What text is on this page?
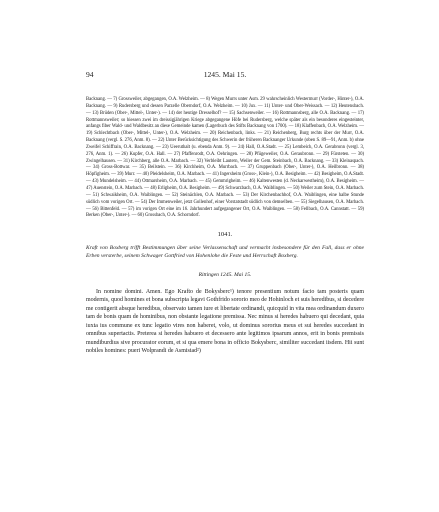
94	1245. Mai 15.

Backnang. — 7) Grossweiler, abgegangen, O.A. Welzheim. — 8) Wegen Murrs unter Asm. 29 wahrscheinlich Westermurr (Vorder-, Hinter-), O.A. Backnang. — 9) Rudersberg und dessen Parzelle Oberndorf, O.A. Welzheim. — 10) Jux. — 11) Unter- und Ober-Weissach. — 12) Heutensbach. — 13) Brüden (Ober-, Mittel-, Unter-). — 14) der heutige Dresselhof? — 15) Sachsenweiler. — 16) Rottmannsberg, alle O.A. Backnang. — 17) Rottmannsweiler; so hiessen zwei im dreissigjährigen Kriege abgegangene Höfe bei Rudersberg, welche später als ein besonderes eingesteinter, anfangs fiber Wald- und Waldbesitz an diese Gemeinde kamen (Lagerbuch des Stifts Backnang von 1700). — 18) Klaffenbach, O.A. Welzheim. — 19) Schlechtbach (Ober-, Mittel-, Unter-), O.A. Welzheim. — 20) Reichenbach, links. — 21) Reichenberg, Burg rechts über der Murr, O.A. Backnang (vergl. S. 276, Anm. 8). — 22) Unter Berücksichtigung des Schwerin der früheren Backnanger Urkunde (oben S. 89—91, Anm. b) ohne Zweifel Schiffrain, O.A. Backnang. — 23) Ueeruthalt (u. ebenda Anm. 9). — 24) Hall, O.A.Stadt. — 25) Lembeich, O.A. Gerabronn (vergl. 3, 276, Anm. 1). — 26) Kupfer, O.A. Hall. — 27) Pfaffenrodt, O.A. Oehringen. — 28) Pfügeweiler, O.A. Geraubronn. — 29) Fürsteten. — 30) Zwingelhausen. — 31) Kirchberg, alle O.A. Marbach. — 32) Verbleibt Lautern, Weiler der Gem. Steinbach, O.A. Backnang. — 33) Kleinaspach. — 34) Gross-Bottwar. — 35) Beilstein. — 36) Kirchheim, O.A. Murrbach. — 37) Gruppenbach (Ober-, Unter-), O.A. Heilbronn. — 38) Höpfigheim. — 39) Murr. — 40) Pleidelsheim, O.A. Marbach. — 41) Ingersheim (Gross-, Klein-), O.A. Besigheim. — 42) Besigheim, O.A.Stadt. — 43) Mundelsheim. — 44) Ottmarsheim, O.A. Marbach. — 45) Gemmrigheim. — 46) Kaltenwesten (d. Neckarwestheim), O.A. Besigheim. — 47) Auenstein, O.A. Marbach. — 48) Erligheim, O.A. Besigheim. — 49) Schwarzbach, O.A. Waiblingen. — 50) Weiler zum Stein, O.A. Marbach. — 51) Schwaikheim, O.A. Waiblingen. — 52) Steinächlen, O.A. Marbach. — 53) Der Kirchenbachhof, O.A. Waiblingen, eine halbe Stunde südlich vom vorigen Ort. — 54) Der Immenweiler, jetzt Gollenhof, einer Vorstatstadt südlich von demselben. — 55) Siegelhausen, O.A. Marbach. — 56) Bittenfeld. — 57) im vorigen Ort eine im 16. Jahrhundert aufgegangener Ort, O.A. Waiblingen. — 58) Fellbach, O.A. Cannstatt. — 59) Berken (Ober-, Unter-). — 60) Grossbach, O.A. Schorndorf.

1041.

Kraft von Boxberg trifft Bestimmungen über seine Verlassenschaft und vermacht insbesondere für den Fall, dass er ohne Erben versterbe, seinem Schwager Gottfried von Hohenlohe die Feste und Herrschaft Boxberg.

Rittingen 1245. Mai 15.

In nomine domini. Amen. Ego Krafto de Bokysberc¹) tenore presentium notum facio tam posteris quam modernis, quod homines et bona subscripta legavi Gothfrido sororio meo de Hohinloch et suis heredibus, si decedere me contigerit absque heredibus, observato tamen iure et libertate ordinandi, quicquid in vita mea ordinandum duxero tam de bonis quam de hominibus, non obstante legatione premissa. Nec minus si heredes habuero qui decedant, quia iuxta ius commune ex tunc legatio vires non haberet, volo, ut dominus sororius meus et sui heredes succedant in omnibus supertactis. Preterea si heredes habuero et decessero ante legitimos ipsarum annos, erit in bonis premissis mundiburdius sive procurator eorum, et si qua emere bona in officio Bokysberc, similiter succedant iisdem. Hii sunt nobiles homines: pueri Wolprandi de Asmistad²)
